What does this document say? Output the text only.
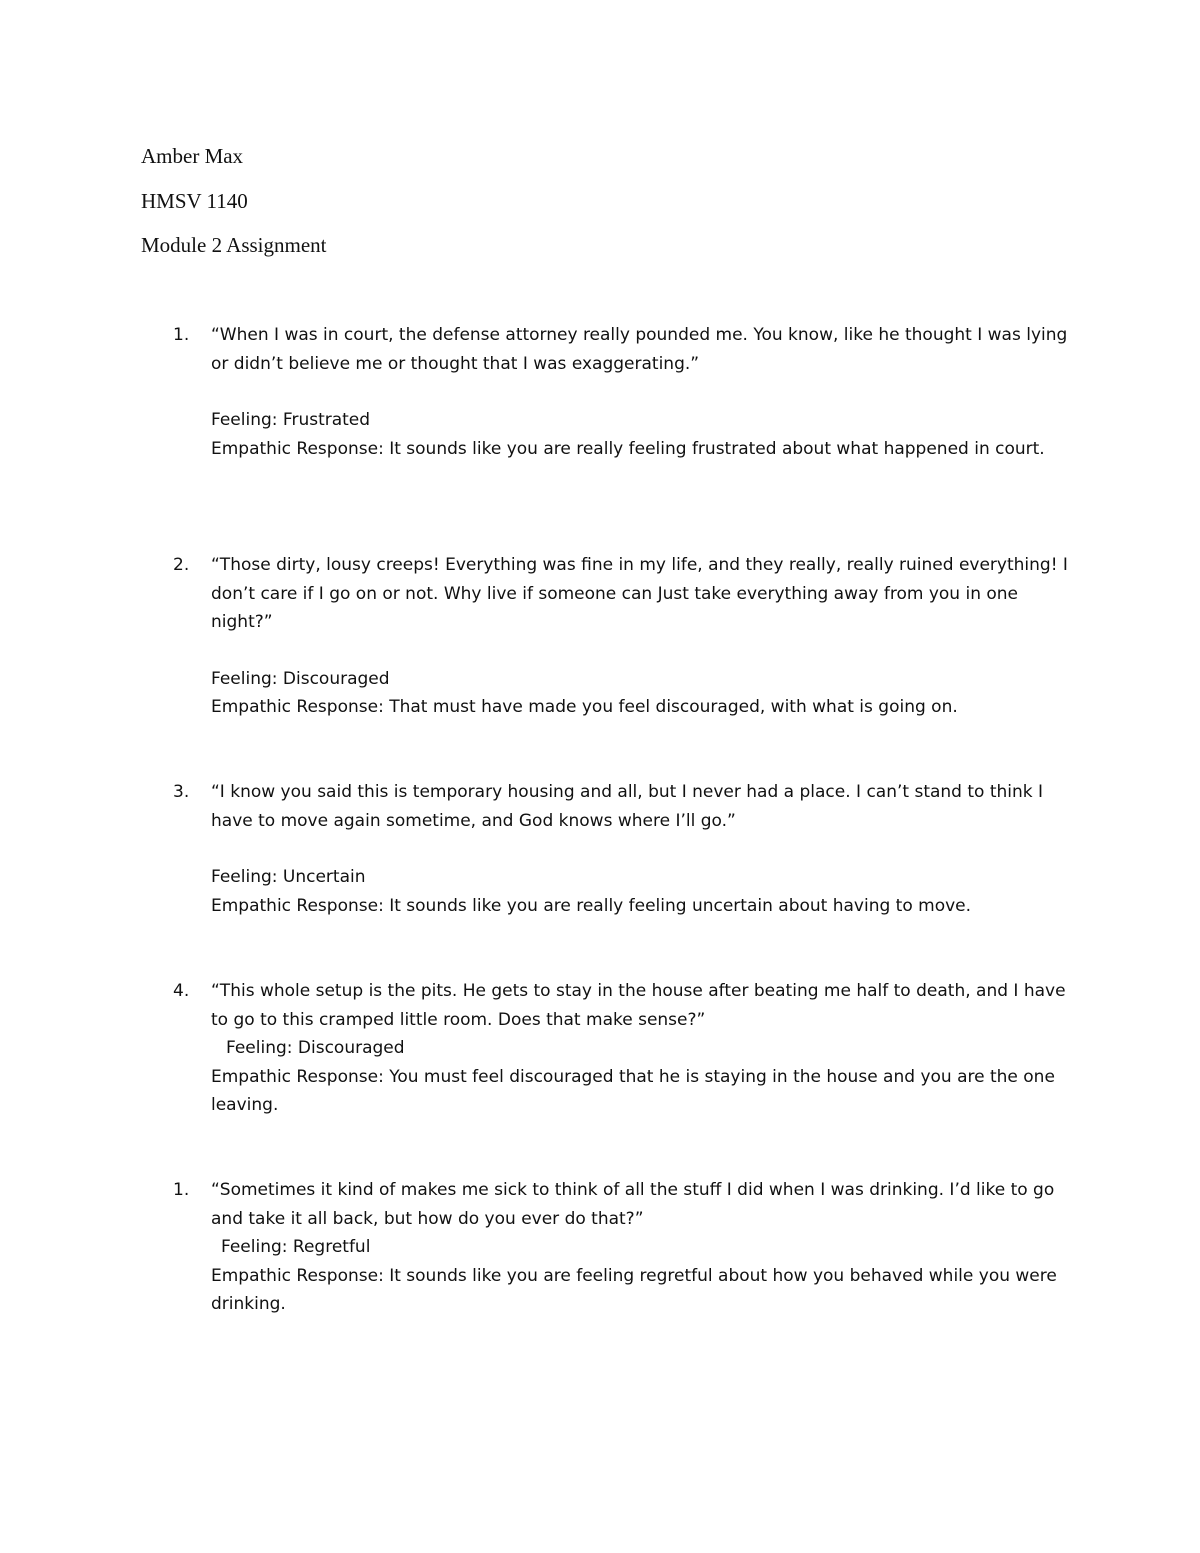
Amber Max
HMSV 1140
Module 2 Assignment
1.	“When I was in court, the defense attorney really pounded me. You know, like he thought I was lying or didn’t believe me or thought that I was exaggerating.”

Feeling: Frustrated

Empathic Response: It sounds like you are really feeling frustrated about what happened in court.

2.	“Those dirty, lousy creeps! Everything was fine in my life, and they really, really ruined everything! I don’t care if I go on or not. Why live if someone can Just take everything away from you in one night?”

Feeling: Discouraged

Empathic Response: That must have made you feel discouraged, with what is going on.

3.	“I know you said this is temporary housing and all, but I never had a place. I can’t stand to think I have to move again sometime, and God knows where I’ll go.”

Feeling: Uncertain

Empathic Response: It sounds like you are really feeling uncertain about having to move.

4.	“This whole setup is the pits. He gets to stay in the house after beating me half to death, and I have to go to this cramped little room. Does that make sense?”

Feeling: Discouraged

Empathic Response: You must feel discouraged that he is staying in the house and you are the one leaving.

1.	“Sometimes it kind of makes me sick to think of all the stuff I did when I was drinking. I’d like to go and take it all back, but how do you ever do that?”

Feeling: Regretful

Empathic Response: It sounds like you are feeling regretful about how you behaved while you were drinking.
